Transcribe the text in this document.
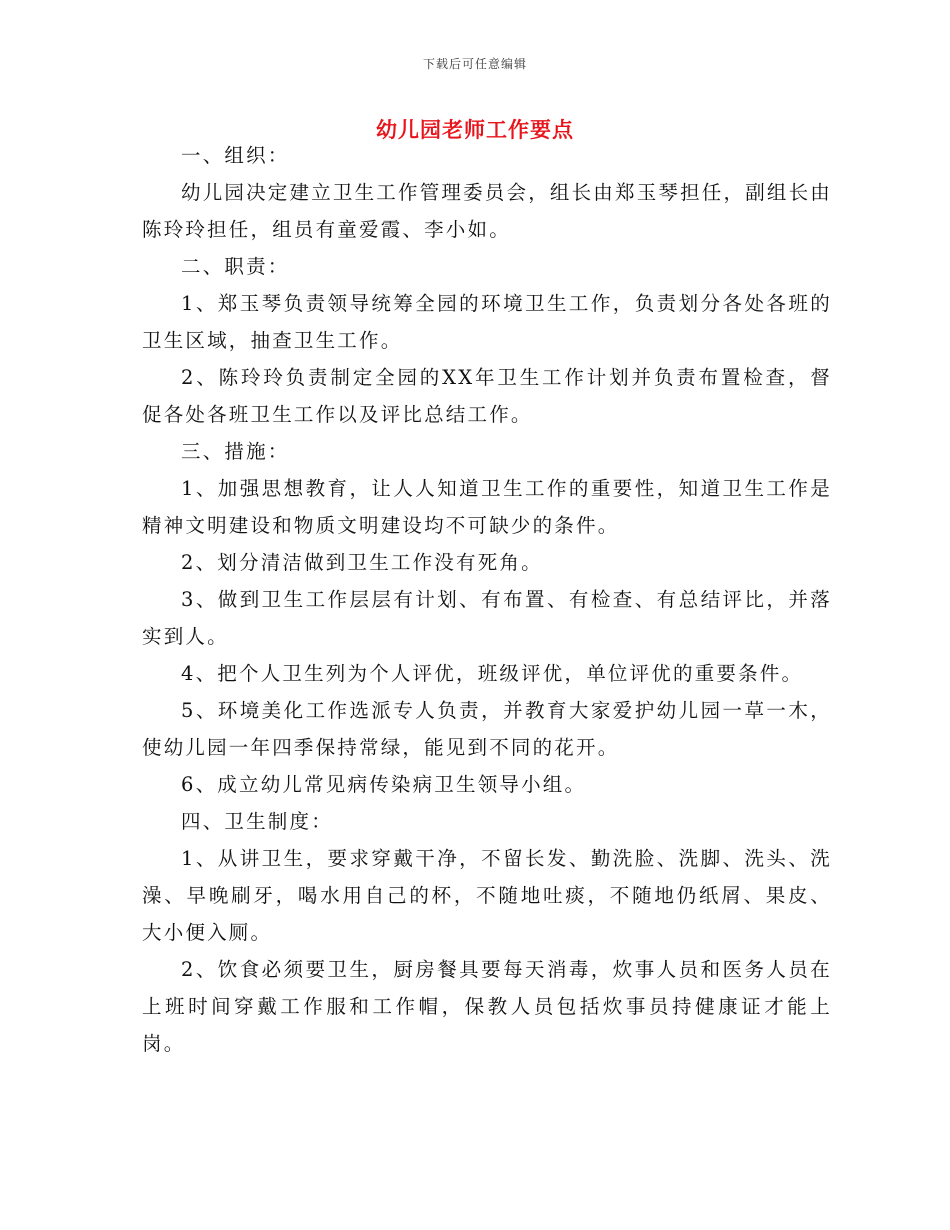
下载后可任意编辑
幼儿园老师工作要点

一、组织：

幼儿园决定建立卫生工作管理委员会，组长由郑玉琴担任，副组长由陈玲玲担任，组员有童爱霞、李小如。

二、职责：

1、郑玉琴负责领导统筹全园的环境卫生工作，负责划分各处各班的卫生区域，抽查卫生工作。

2、陈玲玲负责制定全园的XX年卫生工作计划并负责布置检查，督促各处各班卫生工作以及评比总结工作。

三、措施：

1、加强思想教育，让人人知道卫生工作的重要性，知道卫生工作是精神文明建设和物质文明建设均不可缺少的条件。

2、划分清洁做到卫生工作没有死角。

3、做到卫生工作层层有计划、有布置、有检查、有总结评比，并落实到人。

4、把个人卫生列为个人评优，班级评优，单位评优的重要条件。

5、环境美化工作选派专人负责，并教育大家爱护幼儿园一草一木，使幼儿园一年四季保持常绿，能见到不同的花开。

6、成立幼儿常见病传染病卫生领导小组。

四、卫生制度：

1、从讲卫生，要求穿戴干净，不留长发、勤洗脸、洗脚、洗头、洗澡、早晚刷牙，喝水用自己的杯，不随地吐痰，不随地仍纸屑、果皮、大小便入厕。

2、饮食必须要卫生，厨房餐具要每天消毒，炊事人员和医务人员在上班时间穿戴工作服和工作帽，保教人员包括炊事员持健康证才能上岗。
